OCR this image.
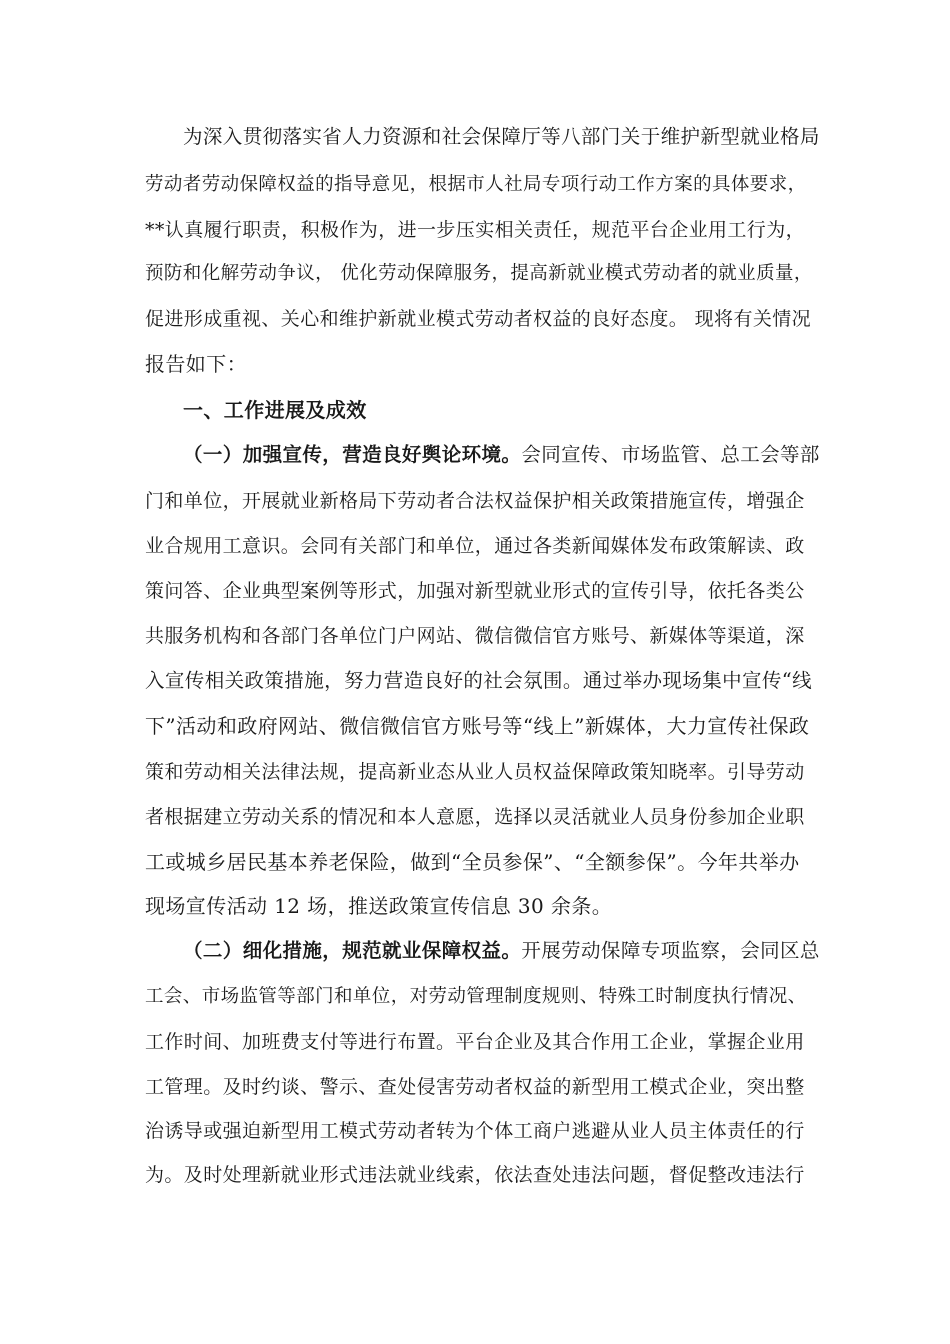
为深入贯彻落实省人力资源和社会保障厅等八部门关于维护新型就业格局
劳动者劳动保障权益的指导意见，根据市人社局专项行动工作方案的具体要求，
**认真履行职责，积极作为，进一步压实相关责任，规范平台企业用工行为，
预防和化解劳动争议， 优化劳动保障服务，提高新就业模式劳动者的就业质量，
促进形成重视、关心和维护新就业模式劳动者权益的良好态度。 现将有关情况
报告如下：
一、工作进展及成效
（一）加强宣传，营造良好舆论环境。会同宣传、市场监管、总工会等部
门和单位，开展就业新格局下劳动者合法权益保护相关政策措施宣传，增强企
业合规用工意识。会同有关部门和单位，通过各类新闻媒体发布政策解读、政
策问答、企业典型案例等形式，加强对新型就业形式的宣传引导，依托各类公
共服务机构和各部门各单位门户网站、微信微信官方账号、新媒体等渠道，深
入宣传相关政策措施，努力营造良好的社会氛围。通过举办现场集中宣传“线
下”活动和政府网站、微信微信官方账号等“线上”新媒体，大力宣传社保政
策和劳动相关法律法规，提高新业态从业人员权益保障政策知晓率。引导劳动
者根据建立劳动关系的情况和本人意愿，选择以灵活就业人员身份参加企业职
工或城乡居民基本养老保险，做到“全员参保”、“全额参保”。今年共举办
现场宣传活动 12 场，推送政策宣传信息 30 余条。
（二）细化措施，规范就业保障权益。开展劳动保障专项监察，会同区总
工会、市场监管等部门和单位，对劳动管理制度规则、特殊工时制度执行情况、
工作时间、加班费支付等进行布置。平台企业及其合作用工企业，掌握企业用
工管理。及时约谈、警示、查处侵害劳动者权益的新型用工模式企业，突出整
治诱导或强迫新型用工模式劳动者转为个体工商户逃避从业人员主体责任的行
为。及时处理新就业形式违法就业线索，依法查处违法问题，督促整改违法行
